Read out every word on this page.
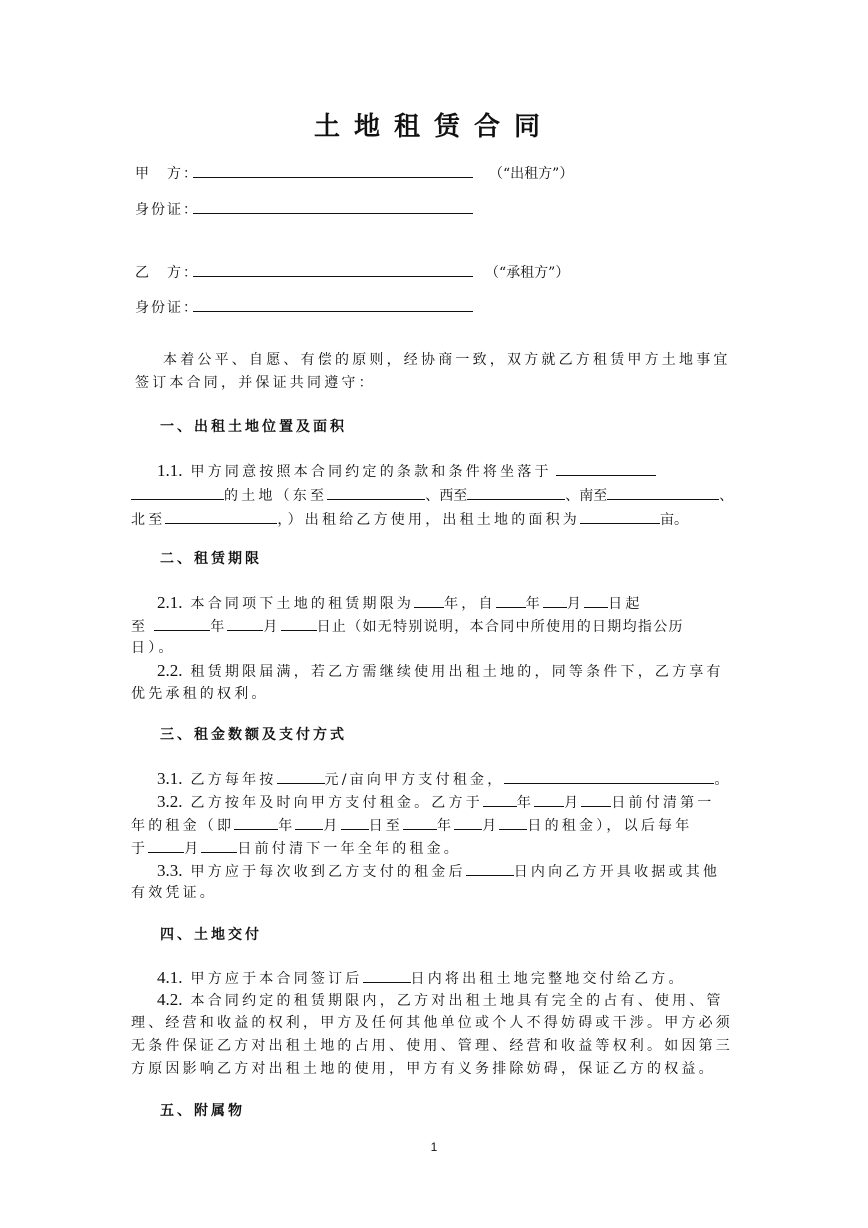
土地租赁合同
甲　方：	（“出租方”）
身份证：
乙　方：	（“承租方”）
身份证：
本着公平、自愿、有偿的原则，经协商一致，双方就乙方租赁甲方土地事宜
签订本合同，并保证共同遵守：
一、出租土地位置及面积
1.1. 甲方同意按照本合同约定的条款和条件将坐落于
的土地（东至	、西至	、南至	、
北至	，）出租给乙方使用，出租土地的面积为	亩。
二、租赁期限
2.1. 本合同项下土地的租赁期限为 年，自 年 月 日起
至	年	月	日止（如无特别说明，本合同中所使用的日期均指公历
日）。
2.2. 租赁期限届满，若乙方需继续使用出租土地的，同等条件下，乙方享有
优先承租的权利。
三、租金数额及支付方式
3.1. 乙方每年按	元/亩向甲方支付租金，	。
3.2. 乙方按年及时向甲方支付租金。乙方于 年 月 日前付清第一
年的租金（即	年 月 日至 年 月 日的租金），以后每年
于	月	日前付清下一年全年的租金。
3.3. 甲方应于每次收到乙方支付的租金后	日内向乙方开具收据或其他
有效凭证。
四、土地交付
4.1. 甲方应于本合同签订后	日内将出租土地完整地交付给乙方。
4.2. 本合同约定的租赁期限内，乙方对出租土地具有完全的占有、使用、管
理、经营和收益的权利，甲方及任何其他单位或个人不得妨碍或干涉。甲方必须
无条件保证乙方对出租土地的占用、使用、管理、经营和收益等权利。如因第三
方原因影响乙方对出租土地的使用，甲方有义务排除妨碍，保证乙方的权益。
五、附属物
1
